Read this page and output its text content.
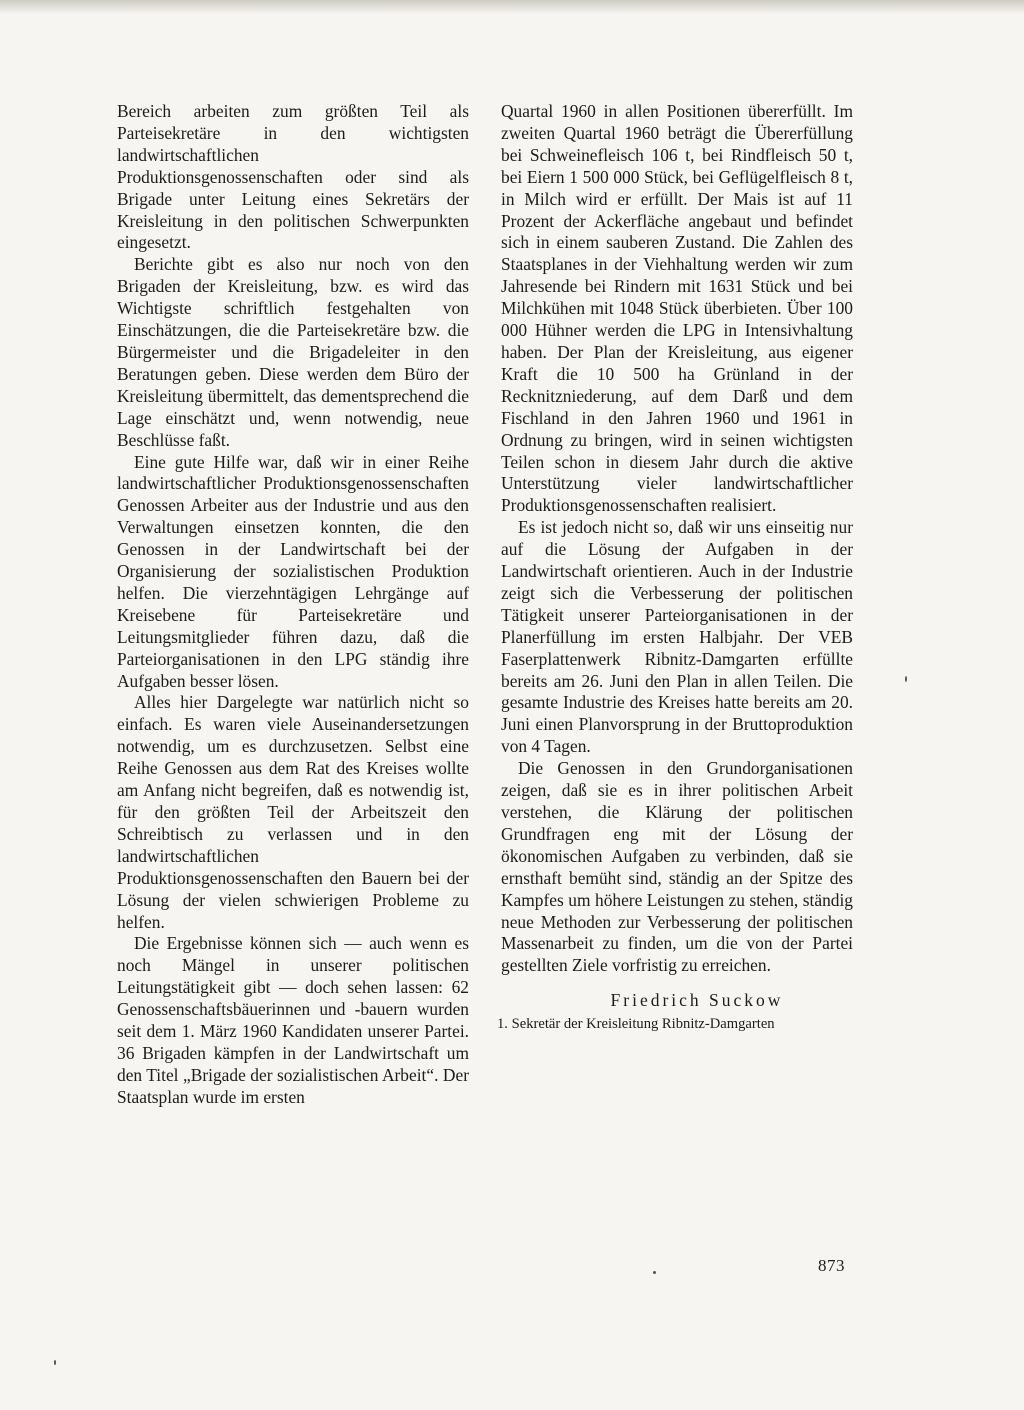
Bereich arbeiten zum größten Teil als Parteisekretäre in den wichtigsten landwirtschaftlichen Produktionsgenossenschaften oder sind als Brigade unter Leitung eines Sekretärs der Kreisleitung in den politischen Schwerpunkten eingesetzt.

Berichte gibt es also nur noch von den Brigaden der Kreisleitung, bzw. es wird das Wichtigste schriftlich festgehalten von Einschätzungen, die die Parteisekretäre bzw. die Bürgermeister und die Brigadeleiter in den Beratungen geben. Diese werden dem Büro der Kreisleitung übermittelt, das dementsprechend die Lage einschätzt und, wenn notwendig, neue Beschlüsse faßt.

Eine gute Hilfe war, daß wir in einer Reihe landwirtschaftlicher Produktionsgenossenschaften Genossen Arbeiter aus der Industrie und aus den Verwaltungen einsetzen konnten, die den Genossen in der Landwirtschaft bei der Organisierung der sozialistischen Produktion helfen. Die vierzehntägigen Lehrgänge auf Kreisebene für Parteisekretäre und Leitungsmitglieder führen dazu, daß die Parteiorganisationen in den LPG ständig ihre Aufgaben besser lösen.

Alles hier Dargelegte war natürlich nicht so einfach. Es waren viele Auseinandersetzungen notwendig, um es durchzusetzen. Selbst eine Reihe Genossen aus dem Rat des Kreises wollte am Anfang nicht begreifen, daß es notwendig ist, für den größten Teil der Arbeitszeit den Schreibtisch zu verlassen und in den landwirtschaftlichen Produktionsgenossenschaften den Bauern bei der Lösung der vielen schwierigen Probleme zu helfen.

Die Ergebnisse können sich — auch wenn es noch Mängel in unserer politischen Leitungstätigkeit gibt — doch sehen lassen: 62 Genossenschaftsbäuerinnen und -bauern wurden seit dem 1. März 1960 Kandidaten unserer Partei. 36 Brigaden kämpfen in der Landwirtschaft um den Titel „Brigade der sozialistischen Arbeit“. Der Staatsplan wurde im ersten

Quartal 1960 in allen Positionen übererfüllt. Im zweiten Quartal 1960 beträgt die Übererfüllung bei Schweinefleisch 106 t, bei Rindfleisch 50 t, bei Eiern 1 500 000 Stück, bei Geflügelfleisch 8 t, in Milch wird er erfüllt. Der Mais ist auf 11 Prozent der Ackerfläche angebaut und befindet sich in einem sauberen Zustand. Die Zahlen des Staatsplanes in der Viehhaltung werden wir zum Jahresende bei Rindern mit 1631 Stück und bei Milchkühen mit 1048 Stück überbieten. Über 100 000 Hühner werden die LPG in Intensivhaltung haben. Der Plan der Kreisleitung, aus eigener Kraft die 10 500 ha Grünland in der Recknitzniederung, auf dem Darß und dem Fischland in den Jahren 1960 und 1961 in Ordnung zu bringen, wird in seinen wichtigsten Teilen schon in diesem Jahr durch die aktive Unterstützung vieler landwirtschaftlicher Produktionsgenossenschaften realisiert.

Es ist jedoch nicht so, daß wir uns einseitig nur auf die Lösung der Aufgaben in der Landwirtschaft orientieren. Auch in der Industrie zeigt sich die Verbesserung der politischen Tätigkeit unserer Parteiorganisationen in der Planerfüllung im ersten Halbjahr. Der VEB Faserplattenwerk Ribnitz-Damgarten erfüllte bereits am 26. Juni den Plan in allen Teilen. Die gesamte Industrie des Kreises hatte bereits am 20. Juni einen Planvorsprung in der Bruttoproduktion von 4 Tagen.

Die Genossen in den Grundorganisationen zeigen, daß sie es in ihrer politischen Arbeit verstehen, die Klärung der politischen Grundfragen eng mit der Lösung der ökonomischen Aufgaben zu verbinden, daß sie ernsthaft bemüht sind, ständig an der Spitze des Kampfes um höhere Leistungen zu stehen, ständig neue Methoden zur Verbesserung der politischen Massenarbeit zu finden, um die von der Partei gestellten Ziele vorfristig zu erreichen.

Friedrich Suckow
1. Sekretär der Kreisleitung Ribnitz-Damgarten
873
